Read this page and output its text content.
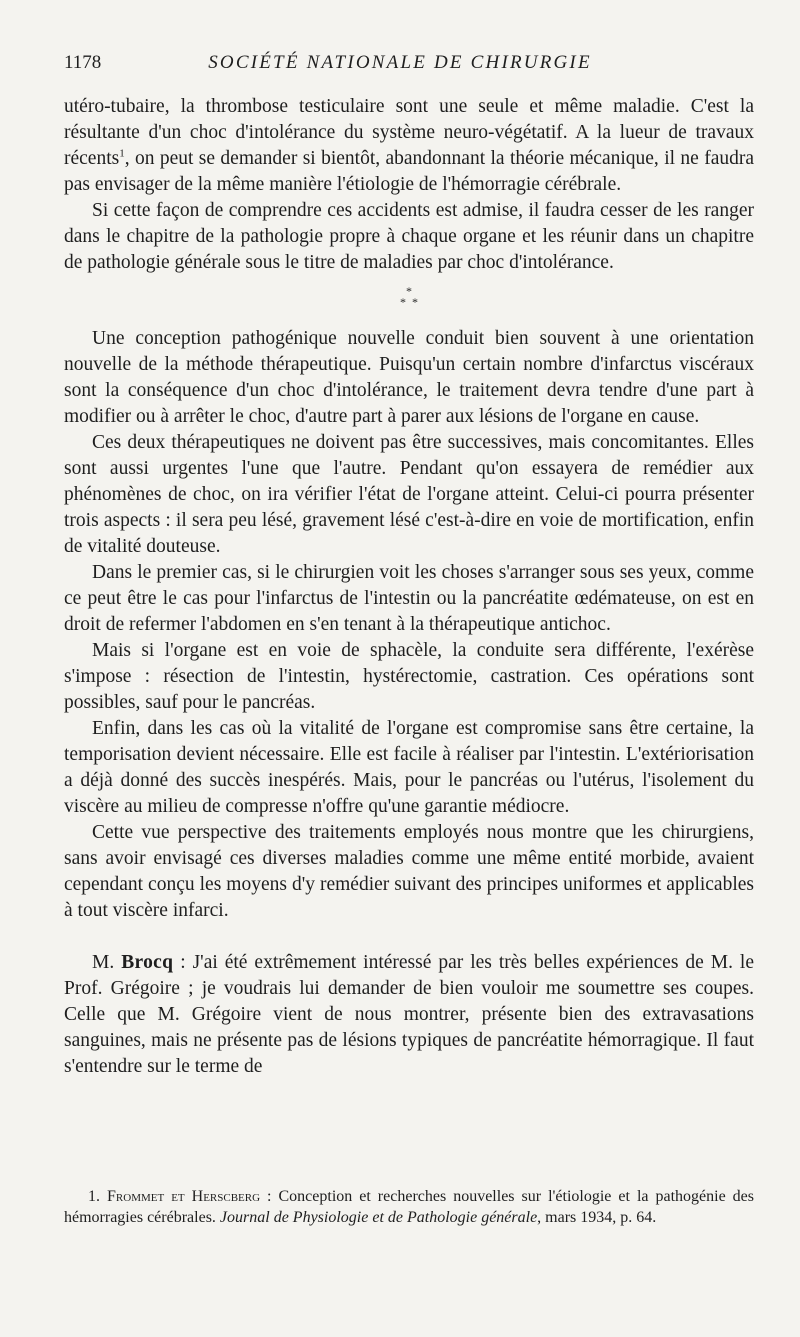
1178	SOCIÉTÉ NATIONALE DE CHIRURGIE

utéro-tubaire, la thrombose testiculaire sont une seule et même maladie. C'est la résultante d'un choc d'intolérance du système neuro-végétatif. A la lueur de travaux récents$^1$, on peut se demander si bientôt, abandonnant la théorie mécanique, il ne faudra pas envisager de la même manière l'étiologie de l'hémorragie cérébrale.

Si cette façon de comprendre ces accidents est admise, il faudra cesser de les ranger dans le chapitre de la pathologie propre à chaque organe et les réunir dans un chapitre de pathologie générale sous le titre de maladies par choc d'intolérance.

*
*  *

Une conception pathogénique nouvelle conduit bien souvent à une orientation nouvelle de la méthode thérapeutique. Puisqu'un certain nombre d'infarctus viscéraux sont la conséquence d'un choc d'intolérance, le traitement devra tendre d'une part à modifier ou à arrêter le choc, d'autre part à parer aux lésions de l'organe en cause.

Ces deux thérapeutiques ne doivent pas être successives, mais concomitantes. Elles sont aussi urgentes l'une que l'autre. Pendant qu'on essayera de remédier aux phénomènes de choc, on ira vérifier l'état de l'organe atteint. Celui-ci pourra présenter trois aspects : il sera peu lésé, gravement lésé c'est-à-dire en voie de mortification, enfin de vitalité douteuse.

Dans le premier cas, si le chirurgien voit les choses s'arranger sous ses yeux, comme ce peut être le cas pour l'infarctus de l'intestin ou la pancréatite œdémateuse, on est en droit de refermer l'abdomen en s'en tenant à la thérapeutique antichoc.

Mais si l'organe est en voie de sphacèle, la conduite sera différente, l'exérèse s'impose : résection de l'intestin, hystérectomie, castration. Ces opérations sont possibles, sauf pour le pancréas.

Enfin, dans les cas où la vitalité de l'organe est compromise sans être certaine, la temporisation devient nécessaire. Elle est facile à réaliser par l'intestin. L'extériorisation a déjà donné des succès inespérés. Mais, pour le pancréas ou l'utérus, l'isolement du viscère au milieu de compresse n'offre qu'une garantie médiocre.

Cette vue perspective des traitements employés nous montre que les chirurgiens, sans avoir envisagé ces diverses maladies comme une même entité morbide, avaient cependant conçu les moyens d'y remédier suivant des principes uniformes et applicables à tout viscère infarci.

M. Brocq : J'ai été extrêmement intéressé par les très belles expériences de M. le Prof. Grégoire ; je voudrais lui demander de bien vouloir me soumettre ses coupes. Celle que M. Grégoire vient de nous montrer, présente bien des extravasations sanguines, mais ne présente pas de lésions typiques de pancréatite hémorragique. Il faut s'entendre sur le terme de

1. Frommet et Herscberg : Conception et recherches nouvelles sur l'étiologie et la pathogénie des hémorragies cérébrales. Journal de Physiologie et de Pathologie générale, mars 1934, p. 64.
